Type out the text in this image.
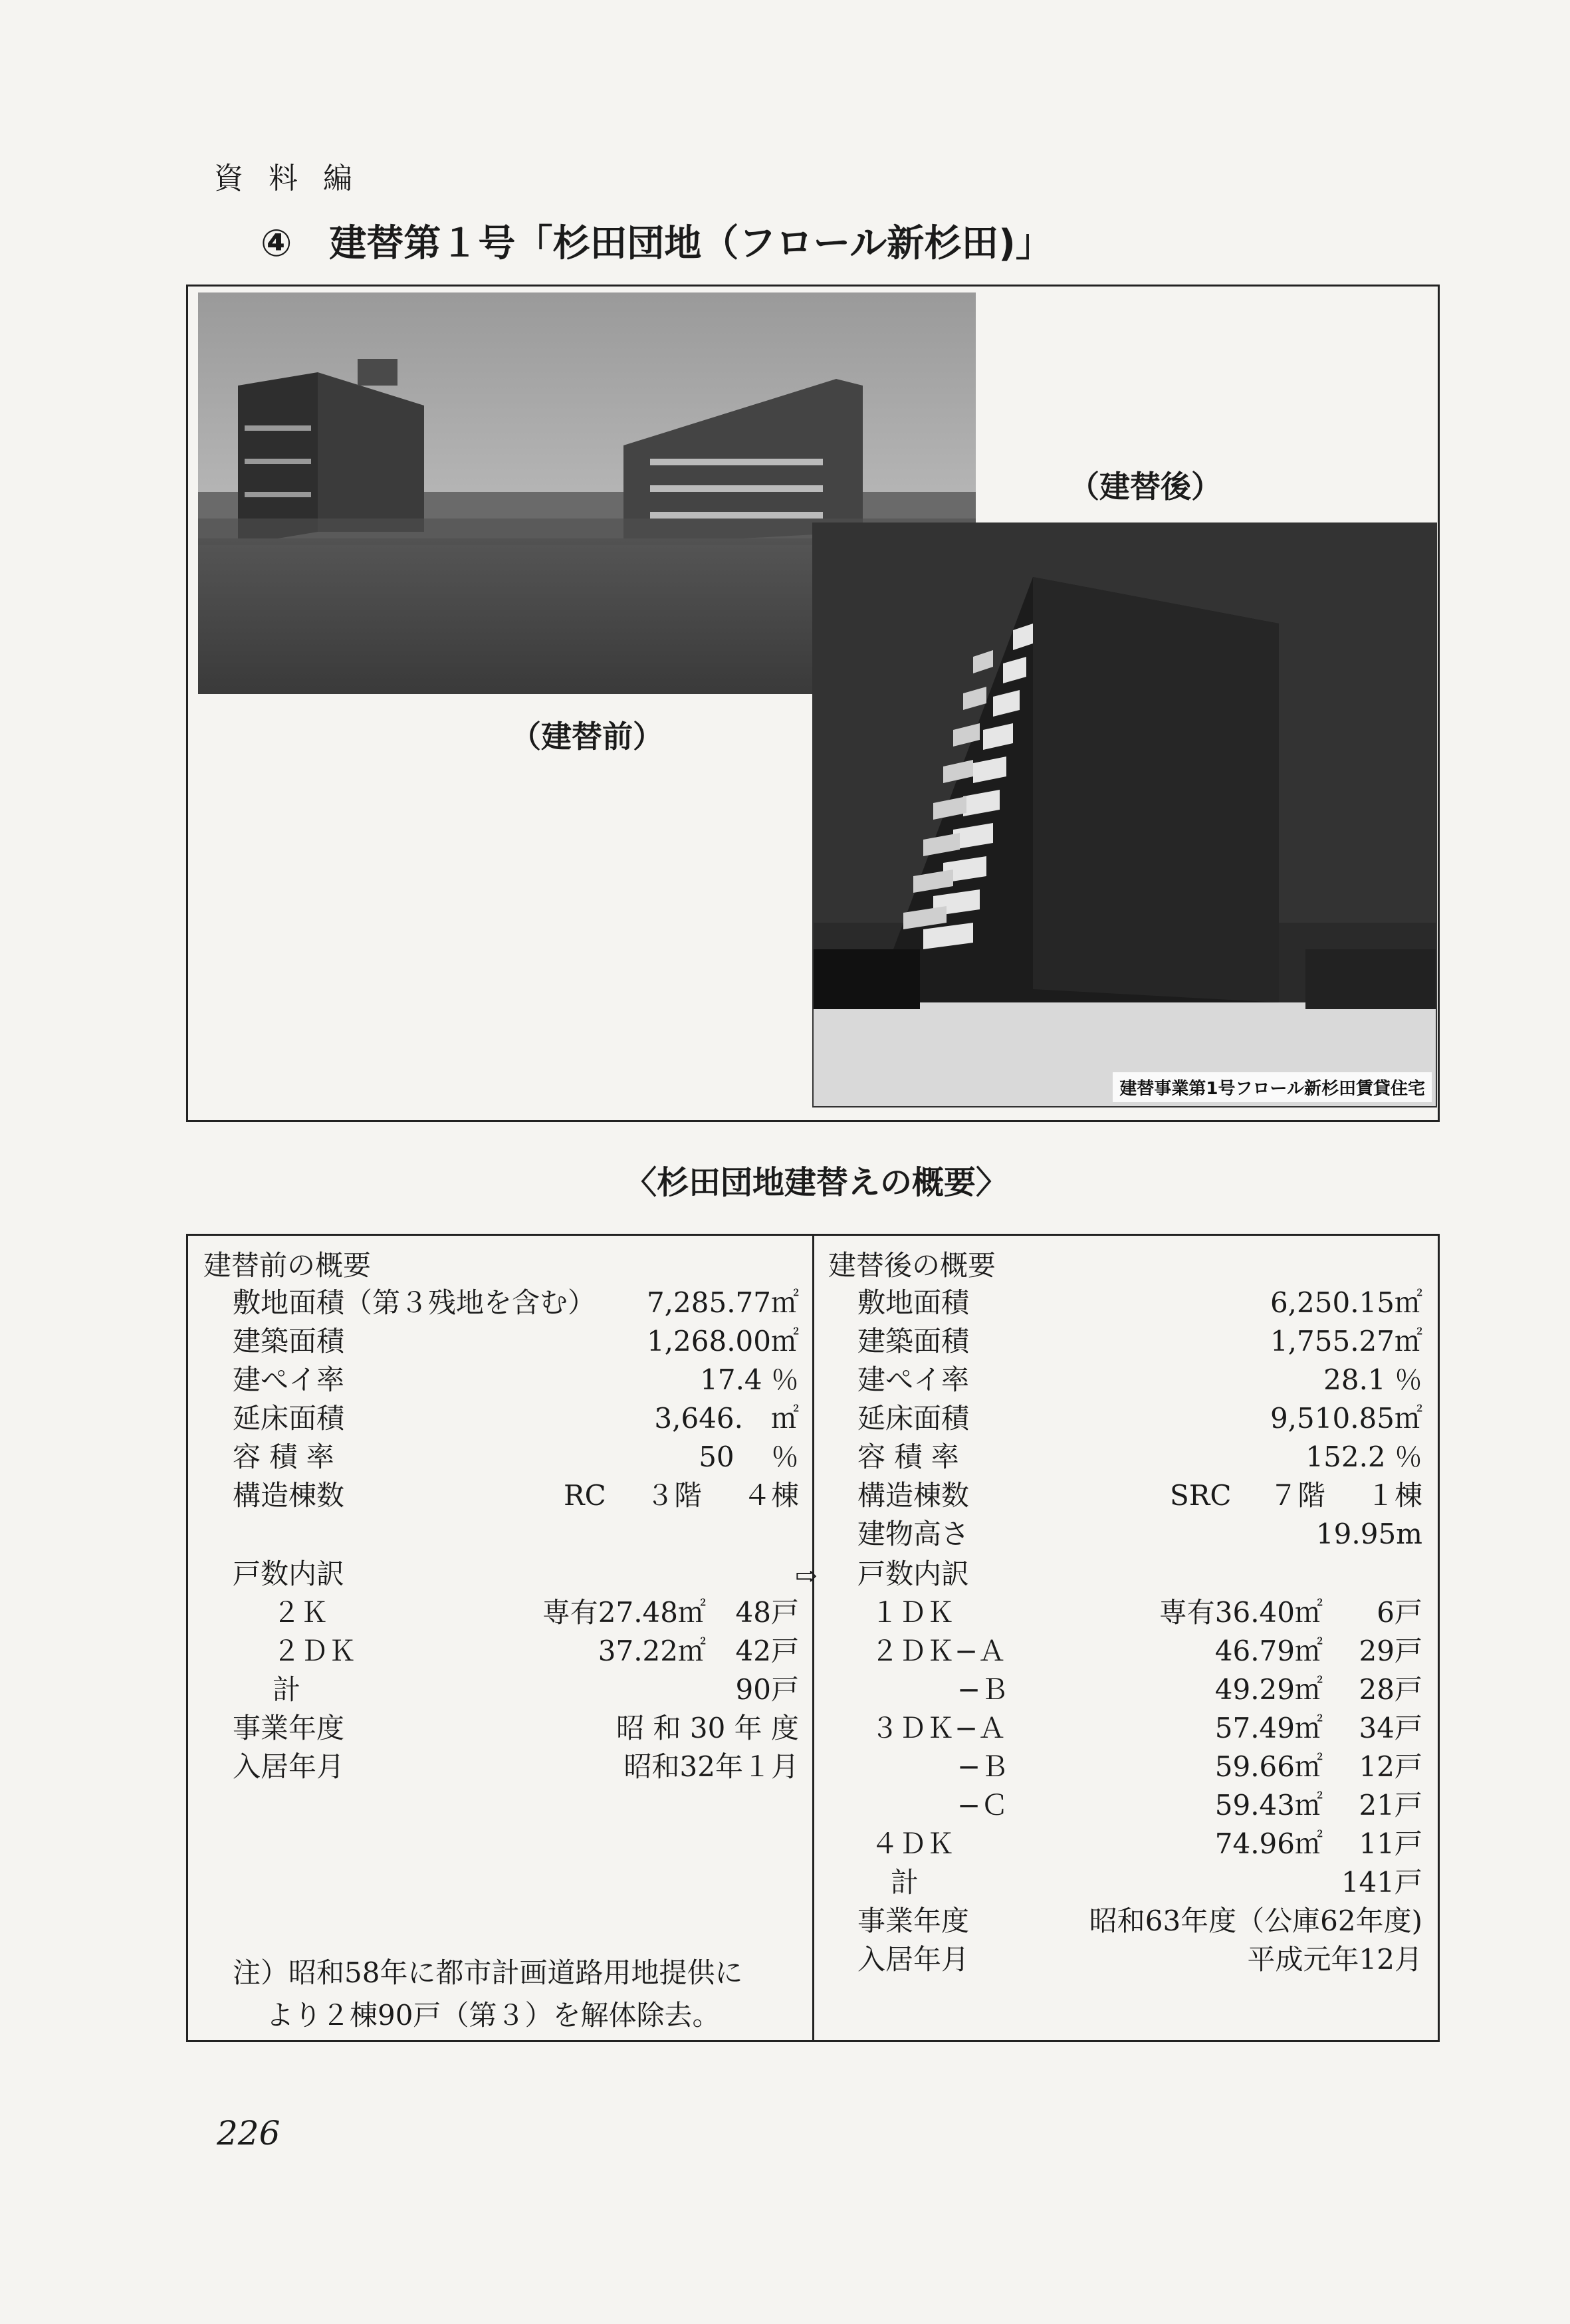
資 料 編
④　建替第１号「杉田団地（フロール新杉田)」
建替事業第1号フロール新杉田賃貸住宅
（建替後）
（建替前）
〈杉田団地建替えの概要〉
建替前の概要
敷地面積（第３残地を含む） 7,285.77㎡
建築面積	1,268.00㎡
建ぺイ率	17.4 ％
延床面積	3,646.　㎡
容 積 率	50　 ％
構造棟数	RC ３階 ４棟
戸数内訳
２Ｋ	専有27.48㎡ 48戸
２ＤＫ	37.22㎡ 42戸
計	90戸
事業年度	昭 和 30 年 度
入居年月	昭和32年１月
注）昭和58年に都市計画道路用地提供に
より２棟90戸（第３）を解体除去。
⇨
建替後の概要
敷地面積	6,250.15㎡
建築面積	1,755.27㎡
建ぺイ率	28.1 ％
延床面積	9,510.85㎡
容 積 率	152.2 ％
構造棟数	SRC ７階 １棟
建物高さ	19.95m
戸数内訳
１ＤＫ	専有36.40㎡ 6戸
２ＤＫ−Ａ	46.79㎡ 29戸
−Ｂ	49.29㎡ 28戸
３ＤＫ−Ａ	57.49㎡ 34戸
−Ｂ	59.66㎡ 12戸
−Ｃ	59.43㎡ 21戸
４ＤＫ	74.96㎡ 11戸
計	141戸
事業年度	昭和63年度（公庫62年度)
入居年月	平成元年12月
226
